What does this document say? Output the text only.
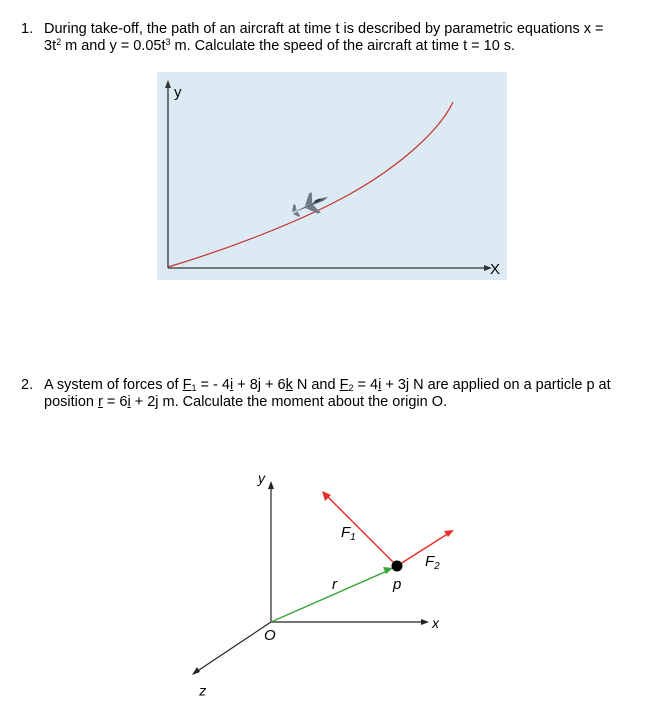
1. During take-off, the path of an aircraft at time t is described by parametric equations x =
$3t^2$ m and $y = 0.05t^3$ m. Calculate the speed of the aircraft at time t = 10 s.
y
X
2. A system of forces of $F_1$ = - 4i + 8j + 6k N and $F_2 = 4i + 3j$ N are applied on a particle p at
position r = 6i + 2j m. Calculate the moment about the origin O.
y
x
z
O
r
$F_1$
$F_2$
p
